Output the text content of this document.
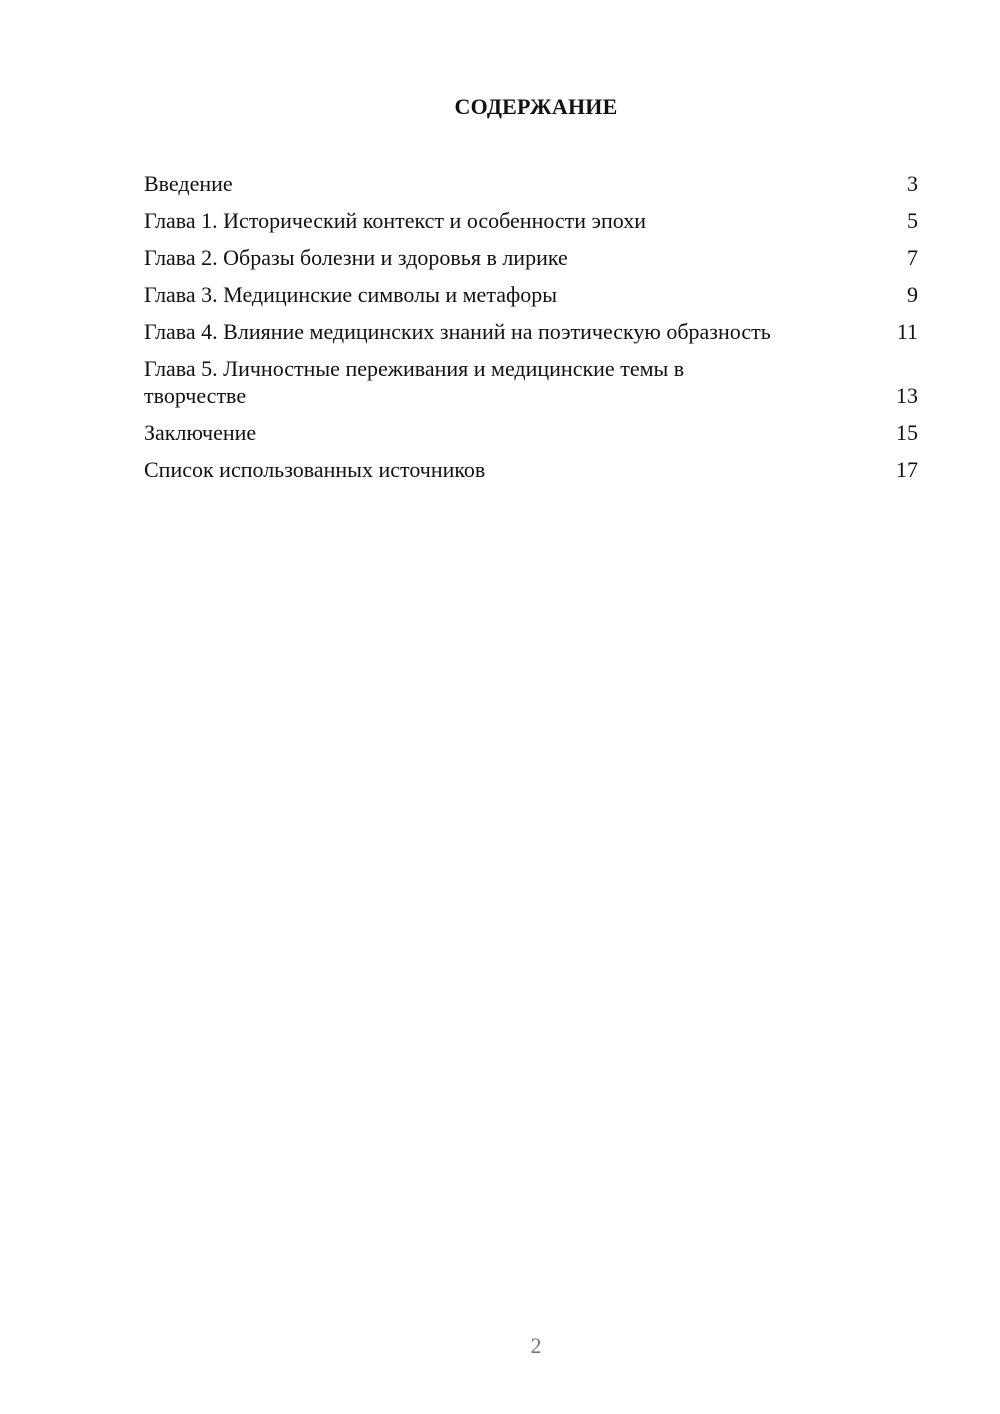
СОДЕРЖАНИЕ
Введение	3
Глава 1. Исторический контекст и особенности эпохи	5
Глава 2. Образы болезни и здоровья в лирике	7
Глава 3. Медицинские символы и метафоры	9
Глава 4. Влияние медицинских знаний на поэтическую образность	11
Глава 5. Личностные переживания и медицинские темы в творчестве	13
Заключение	15
Список использованных источников	17
2
